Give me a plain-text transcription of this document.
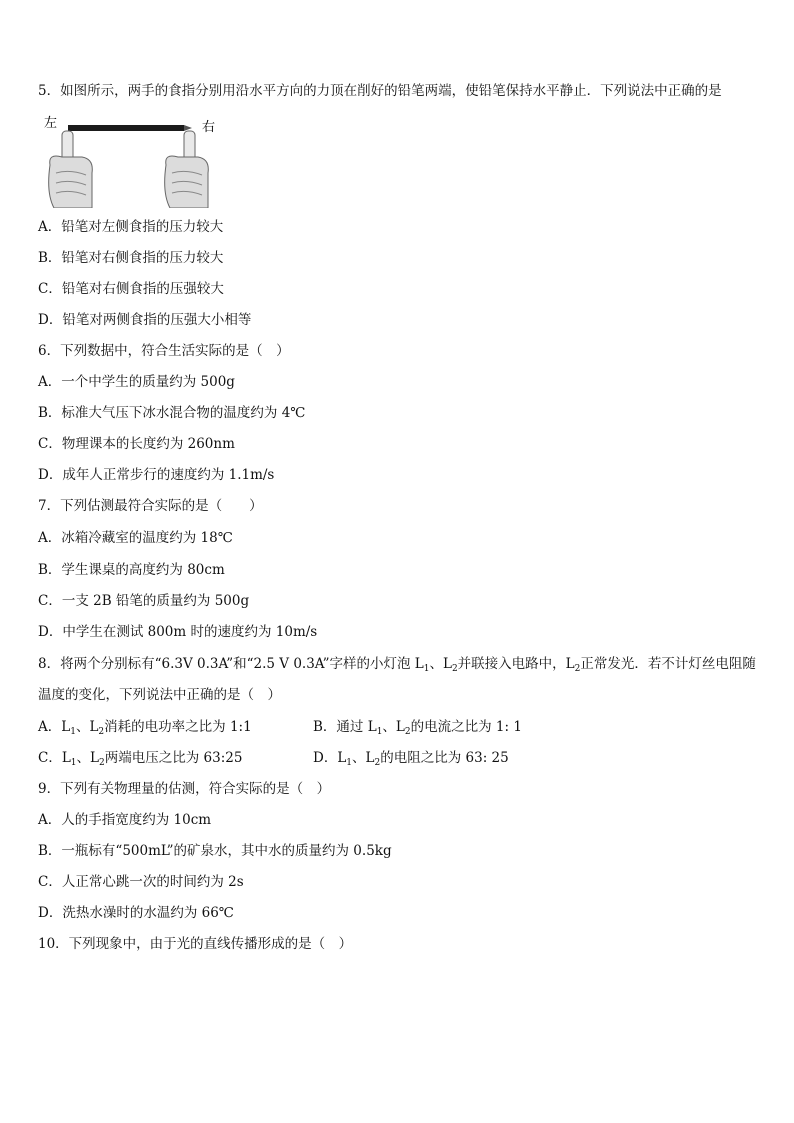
5．如图所示，两手的食指分别用沿水平方向的力顶在削好的铅笔两端，使铅笔保持水平静止．下列说法中正确的是
左	右
A．铅笔对左侧食指的压力较大
B．铅笔对右侧食指的压力较大
C．铅笔对右侧食指的压强较大
D．铅笔对两侧食指的压强大小相等
6．下列数据中，符合生活实际的是（　）
A．一个中学生的质量约为 500g
B．标准大气压下冰水混合物的温度约为 4℃
C．物理课本的长度约为 260nm
D．成年人正常步行的速度约为 1.1m/s
7．下列估测最符合实际的是（　　）
A．冰箱冷藏室的温度约为 18℃
B．学生课桌的高度约为 80cm
C．一支 2B 铅笔的质量约为 500g
D．中学生在测试 800m 时的速度约为 10m/s
8．将两个分别标有“6.3V 0.3A”和“2.5 V 0.3A”字样的小灯泡 $L_1$、$L_2$并联接入电路中，$L_2$正常发光．若不计灯丝电阻随
温度的变化，下列说法中正确的是（　）
A．$L_1$、$L_2$消耗的电功率之比为 1:1	B．通过 $L_1$、$L_2$的电流之比为 1: 1
C．$L_1$、$L_2$两端电压之比为 63:25	D．$L_1$、$L_2$的电阻之比为 63: 25
9．下列有关物理量的估测，符合实际的是（　）
A．人的手指宽度约为 10cm
B．一瓶标有“500mL”的矿泉水，其中水的质量约为 0.5kg
C．人正常心跳一次的时间约为 2s
D．洗热水澡时的水温约为 66℃
10．下列现象中，由于光的直线传播形成的是（　）
